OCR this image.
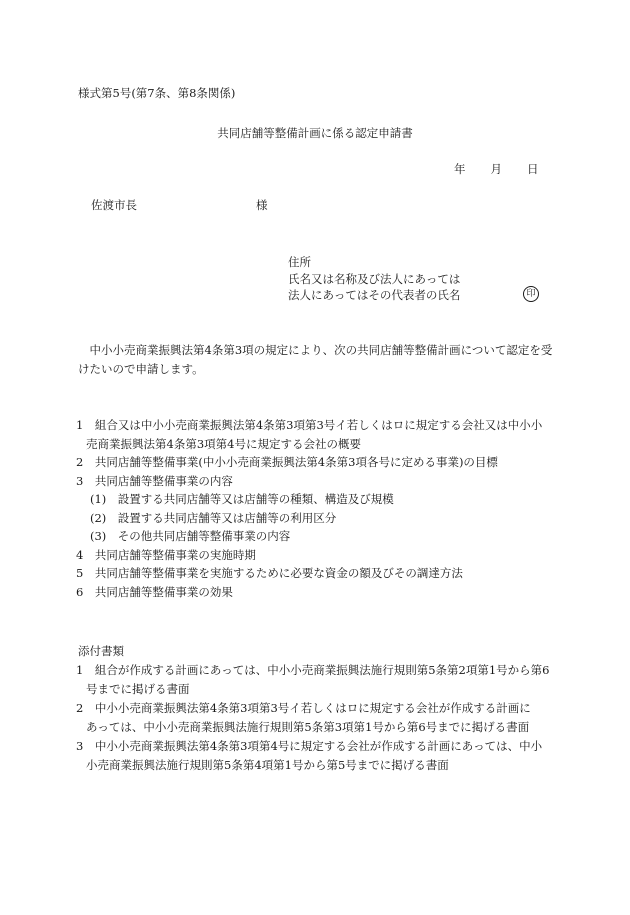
様式第5号(第7条、第8条関係)
共同店舗等整備計画に係る認定申請書
年 月 日
佐渡市長	様
住所
氏名又は名称及び法人にあっては
法人にあってはその代表者の氏名	印
 中小小売商業振興法第4条第3項の規定により、次の共同店舗等整備計画について認定を受けたいので申請します。
1　 組合又は中小小売商業振興法第4条第3項第3号イ若しくはロに規定する会社又は中小小
売商業振興法第4条第3項第4号に規定する会社の概要
2　 共同店舗等整備事業(中小小売商業振興法第4条第3項各号に定める事業)の目標
3　 共同店舗等整備事業の内容
(1)　 設置する共同店舗等又は店舗等の種類、構造及び規模
(2)　 設置する共同店舗等又は店舗等の利用区分
(3)　 その他共同店舗等整備事業の内容
4　 共同店舗等整備事業の実施時期
5　 共同店舗等整備事業を実施するために必要な資金の額及びその調達方法
6　 共同店舗等整備事業の効果
添付書類
1　 組合が作成する計画にあっては、中小小売商業振興法施行規則第5条第2項第1号から第6
号までに掲げる書面
2　 中小小売商業振興法第4条第3項第3号イ若しくはロに規定する会社が作成する計画に
あっては、中小小売商業振興法施行規則第5条第3項第1号から第6号までに掲げる書面
3　 中小小売商業振興法第4条第3項第4号に規定する会社が作成する計画にあっては、中小
小売商業振興法施行規則第5条第4項第1号から第5号までに掲げる書面
